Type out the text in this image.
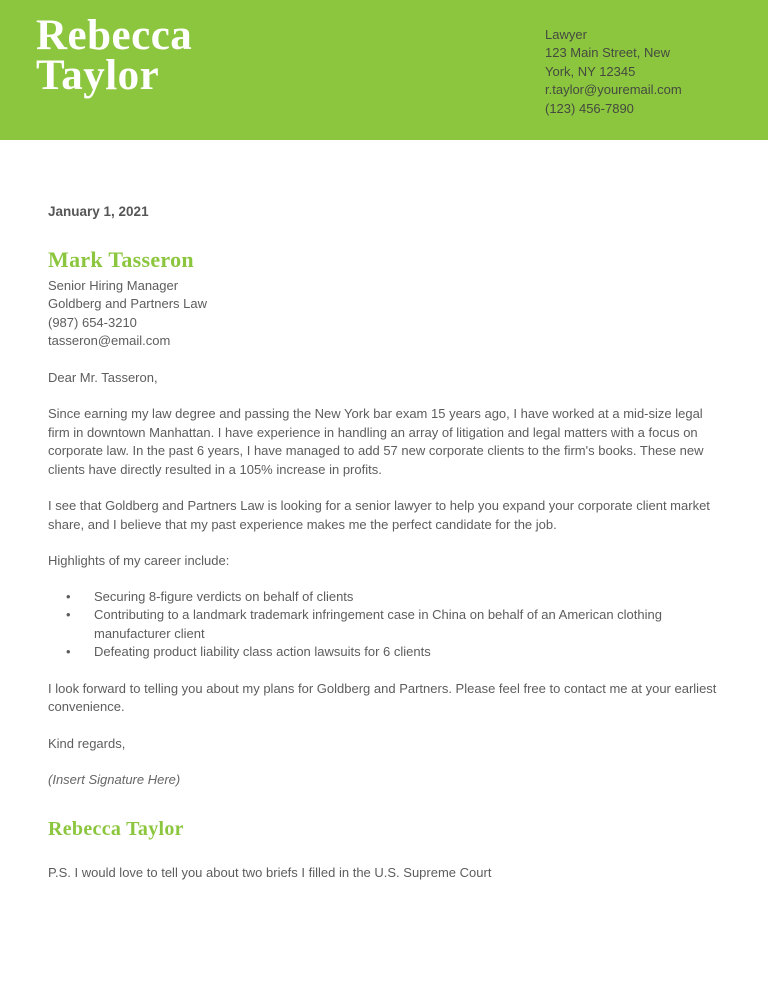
Rebecca
Taylor
Lawyer
123 Main Street, New
York, NY 12345
r.taylor@youremail.com
(123) 456-7890

January 1, 2021

Mark Tasseron

Senior Hiring Manager

Goldberg and Partners Law

(987) 654-3210

tasseron@email.com

Dear Mr. Tasseron,

Since earning my law degree and passing the New York bar exam 15 years ago, I have worked at a mid-size legal firm in downtown Manhattan. I have experience in handling an array of litigation and legal matters with a focus on corporate law. In the past 6 years, I have managed to add 57 new corporate clients to the firm's books. These new clients have directly resulted in a 105% increase in profits.

I see that Goldberg and Partners Law is looking for a senior lawyer to help you expand your corporate client market share, and I believe that my past experience makes me the perfect candidate for the job.

Highlights of my career include:

• Securing 8-figure verdicts on behalf of clients
• Contributing to a landmark trademark infringement case in China on behalf of an American clothing manufacturer client
• Defeating product liability class action lawsuits for 6 clients

I look forward to telling you about my plans for Goldberg and Partners. Please feel free to contact me at your earliest convenience.

Kind regards,

(Insert Signature Here)

Rebecca Taylor

P.S. I would love to tell you about two briefs I filled in the U.S. Supreme Court
